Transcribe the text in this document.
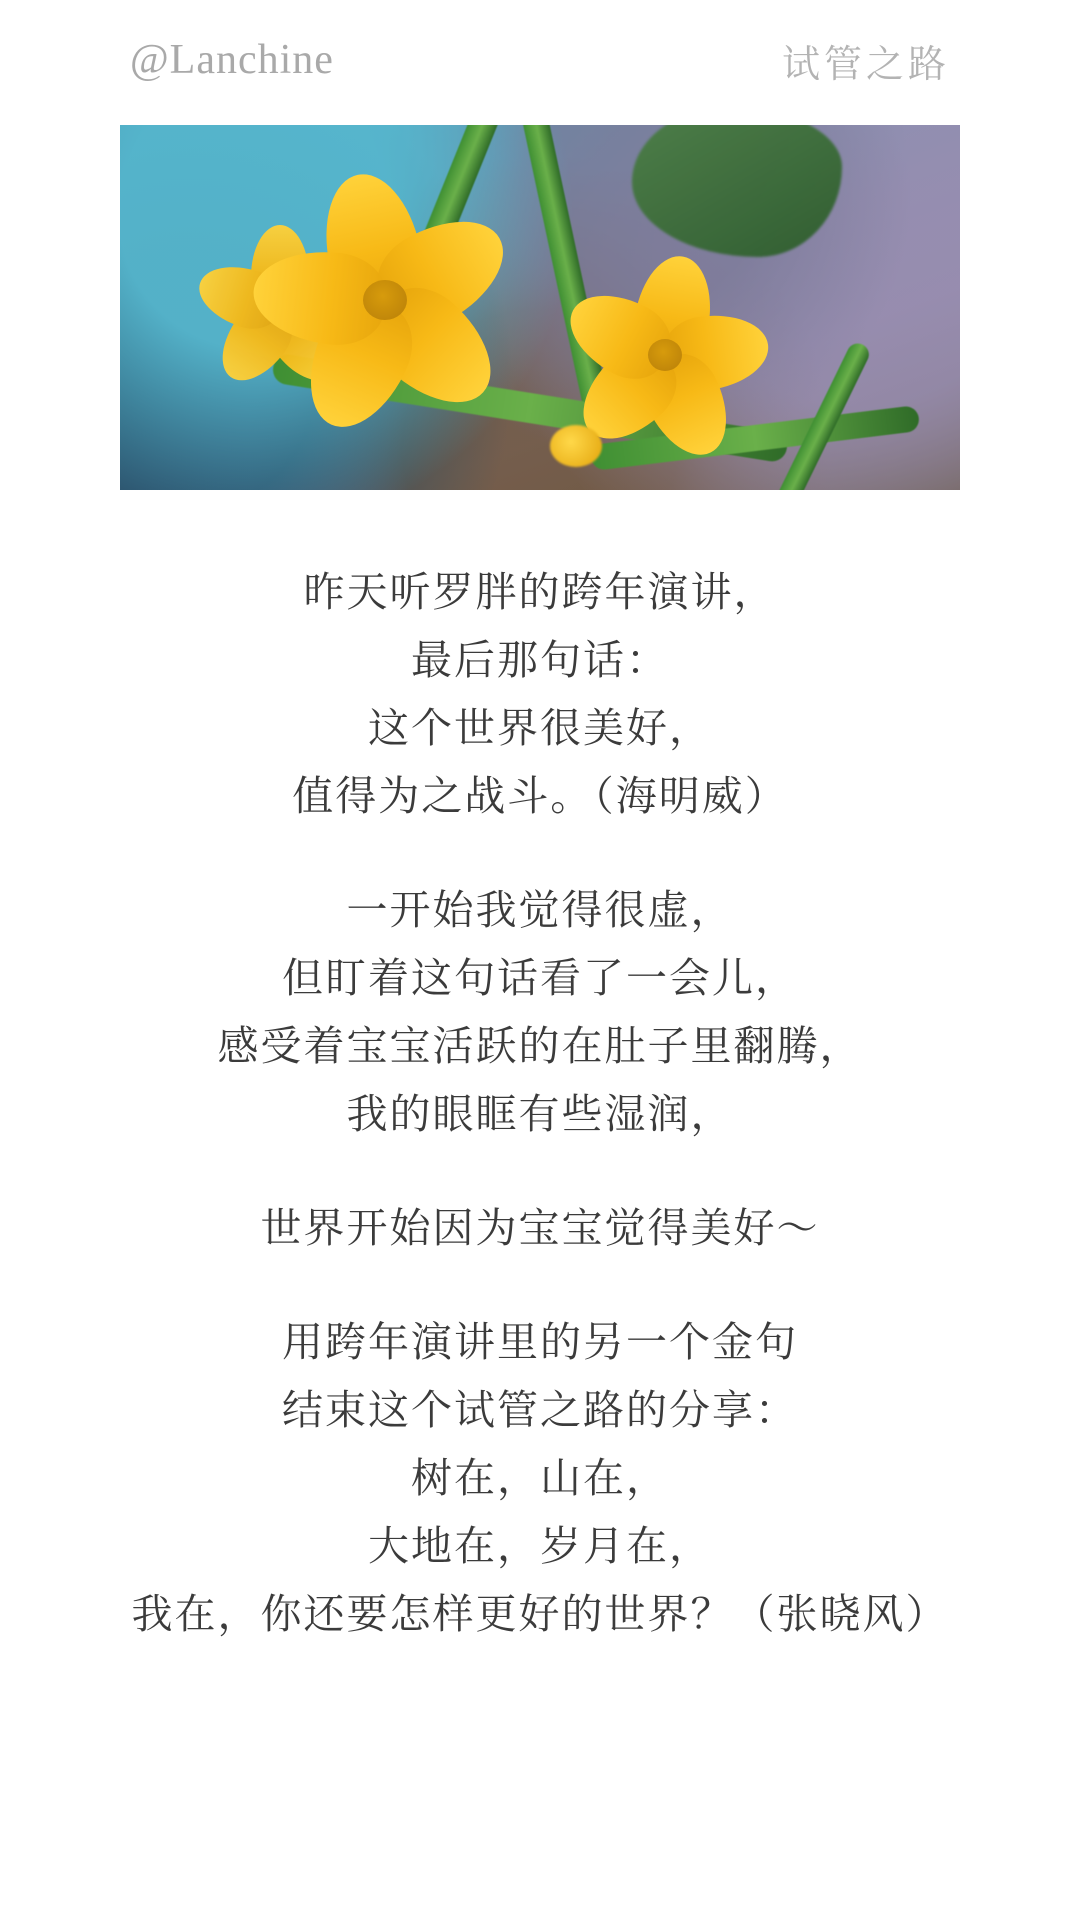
@Lanchine	试管之路
昨天听罗胖的跨年演讲，
最后那句话：
这个世界很美好，
值得为之战斗。（海明威）
一开始我觉得很虚，
但盯着这句话看了一会儿，
感受着宝宝活跃的在肚子里翻腾，
我的眼眶有些湿润，
世界开始因为宝宝觉得美好～
用跨年演讲里的另一个金句
结束这个试管之路的分享：
树在，山在，
大地在，岁月在，
我在，你还要怎样更好的世界？（张晓风）
